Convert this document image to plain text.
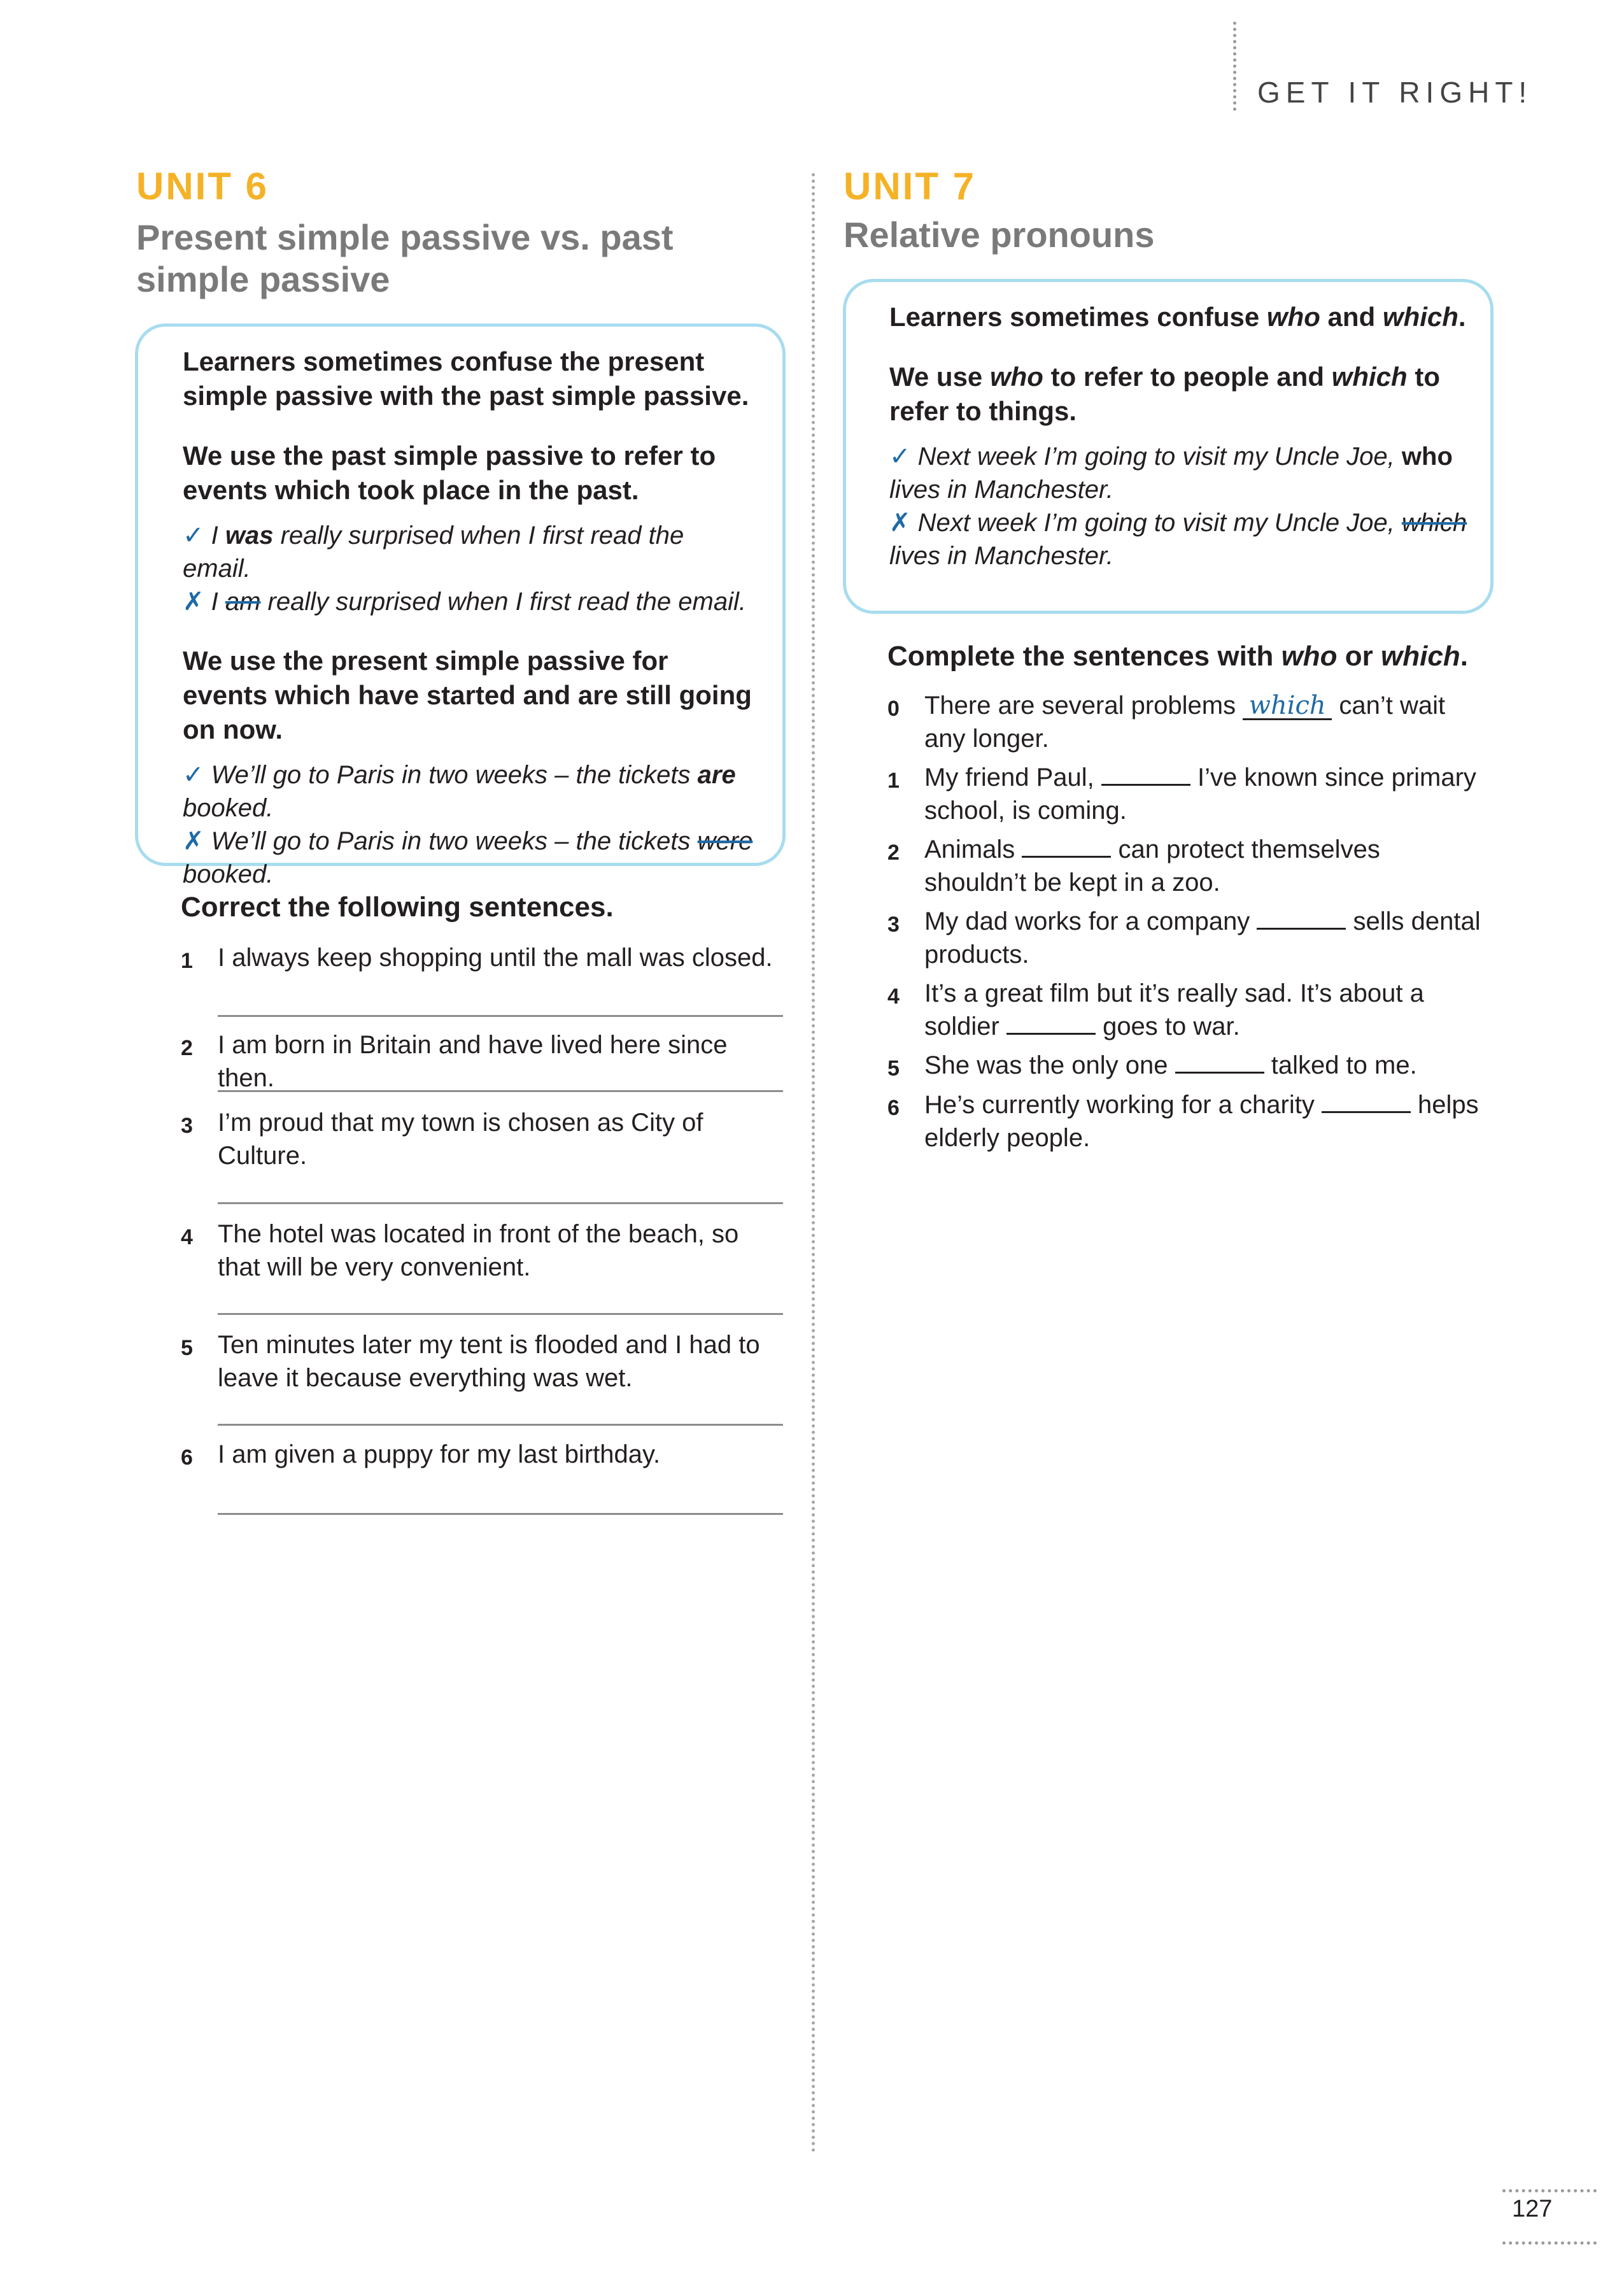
GET IT RIGHT!
UNIT 6
Present simple passive vs. past simple passive

Learners sometimes confuse the present simple passive with the past simple passive.

We use the past simple passive to refer to events which took place in the past.

✓ I was really surprised when I first read the email.

✗ I am really surprised when I first read the email.

We use the present simple passive for events which have started and are still going on now.

✓ We’ll go to Paris in two weeks – the tickets are booked.

✗ We’ll go to Paris in two weeks – the tickets were booked.

Correct the following sentences.
1 I always keep shopping until the mall was closed.
2 I am born in Britain and have lived here since then.
3 I’m proud that my town is chosen as City of Culture.
4 The hotel was located in front of the beach, so that will be very convenient.
5 Ten minutes later my tent is flooded and I had to leave it because everything was wet.
6 I am given a puppy for my last birthday.
UNIT 7
Relative pronouns

Learners sometimes confuse who and which.

We use who to refer to people and which to refer to things.

✓ Next week I’m going to visit my Uncle Joe, who lives in Manchester.

✗ Next week I’m going to visit my Uncle Joe, which lives in Manchester.

Complete the sentences with who or which.
0 There are several problems which can’t wait any longer.
1 My friend Paul,	I’ve known since primary school, is coming.
2 Animals	can protect themselves shouldn’t be kept in a zoo.
3 My dad works for a company	sells dental products.
4 It’s a great film but it’s really sad. It’s about a soldier	goes to war.
5 She was the only one	talked to me.
6 He’s currently working for a charity	helps elderly people.
127
